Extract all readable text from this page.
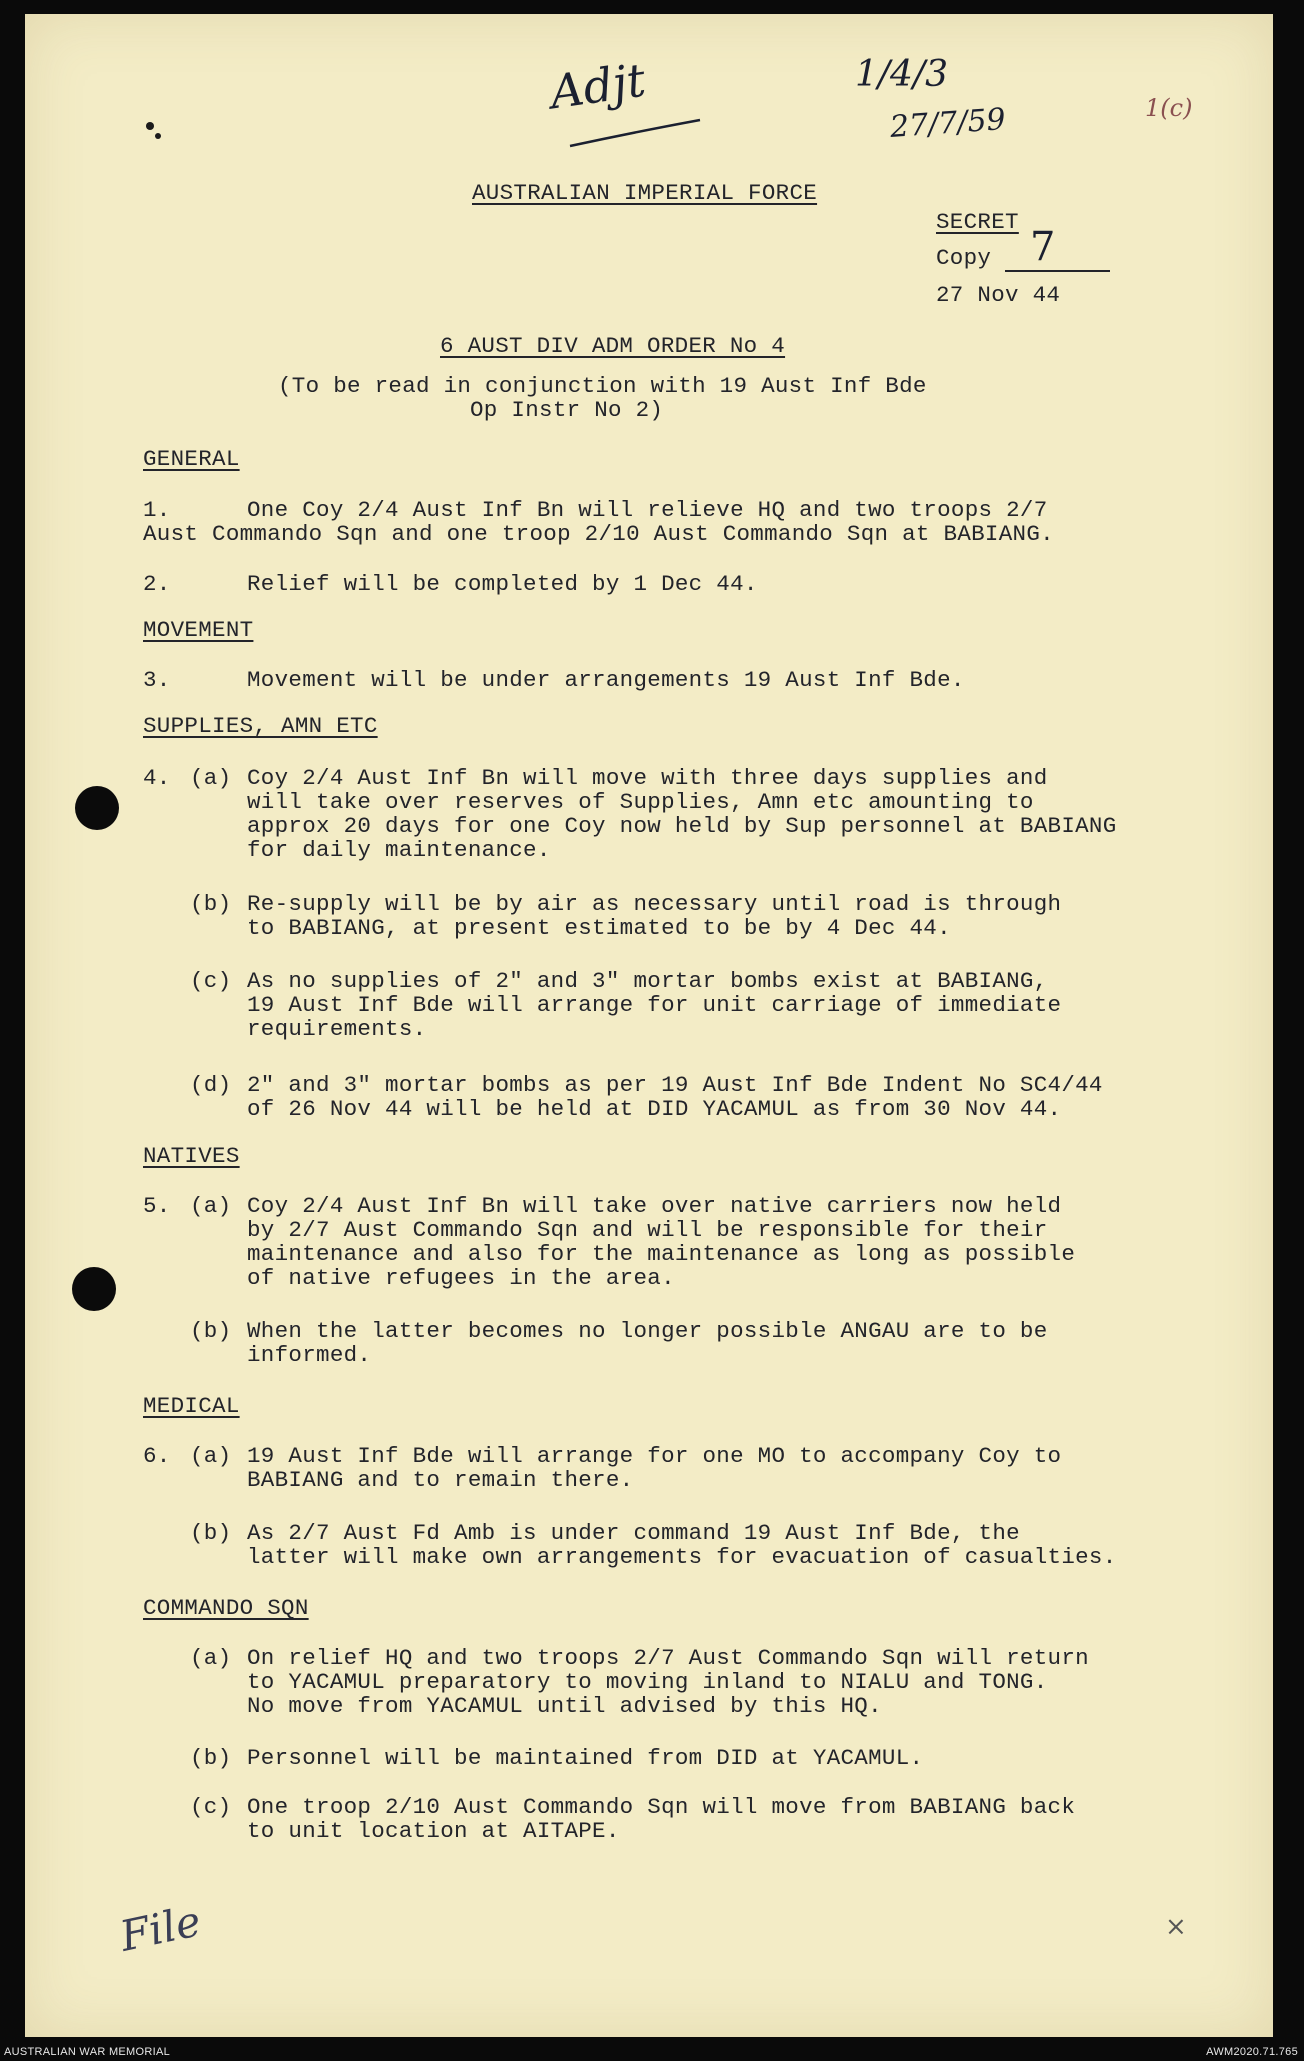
Adjt	1/4/3
27/7/59	1(c)
File	×
AUSTRALIAN IMPERIAL FORCE
SECRET
Copy 7
27 Nov 44
6 AUST DIV ADM ORDER No 4
(To be read in conjunction with 19 Aust Inf Bde
Op Instr No 2)
GENERAL
1.	One Coy 2/4 Aust Inf Bn will relieve HQ and two troops 2/7
Aust Commando Sqn and one troop 2/10 Aust Commando Sqn at BABIANG.
2.	Relief will be completed by 1 Dec 44.
MOVEMENT
3.	Movement will be under arrangements 19 Aust Inf Bde.
SUPPLIES, AMN ETC
4. (a) Coy 2/4 Aust Inf Bn will move with three days supplies and
will take over reserves of Supplies, Amn etc amounting to
approx 20 days for one Coy now held by Sup personnel at BABIANG
for daily maintenance.
(b) Re-supply will be by air as necessary until road is through
to BABIANG, at present estimated to be by 4 Dec 44.
(c) As no supplies of 2" and 3" mortar bombs exist at BABIANG,
19 Aust Inf Bde will arrange for unit carriage of immediate
requirements.
(d) 2" and 3" mortar bombs as per 19 Aust Inf Bde Indent No SC4/44
of 26 Nov 44 will be held at DID YACAMUL as from 30 Nov 44.
NATIVES
5. (a) Coy 2/4 Aust Inf Bn will take over native carriers now held
by 2/7 Aust Commando Sqn and will be responsible for their
maintenance and also for the maintenance as long as possible
of native refugees in the area.
(b) When the latter becomes no longer possible ANGAU are to be
informed.
MEDICAL
6. (a) 19 Aust Inf Bde will arrange for one MO to accompany Coy to
BABIANG and to remain there.
(b) As 2/7 Aust Fd Amb is under command 19 Aust Inf Bde, the
latter will make own arrangements for evacuation of casualties.
COMMANDO SQN
(a) On relief HQ and two troops 2/7 Aust Commando Sqn will return
to YACAMUL preparatory to moving inland to NIALU and TONG.
No move from YACAMUL until advised by this HQ.
(b) Personnel will be maintained from DID at YACAMUL.
(c) One troop 2/10 Aust Commando Sqn will move from BABIANG back
to unit location at AITAPE.
AUSTRALIAN WAR MEMORIAL	AWM2020.71.765
